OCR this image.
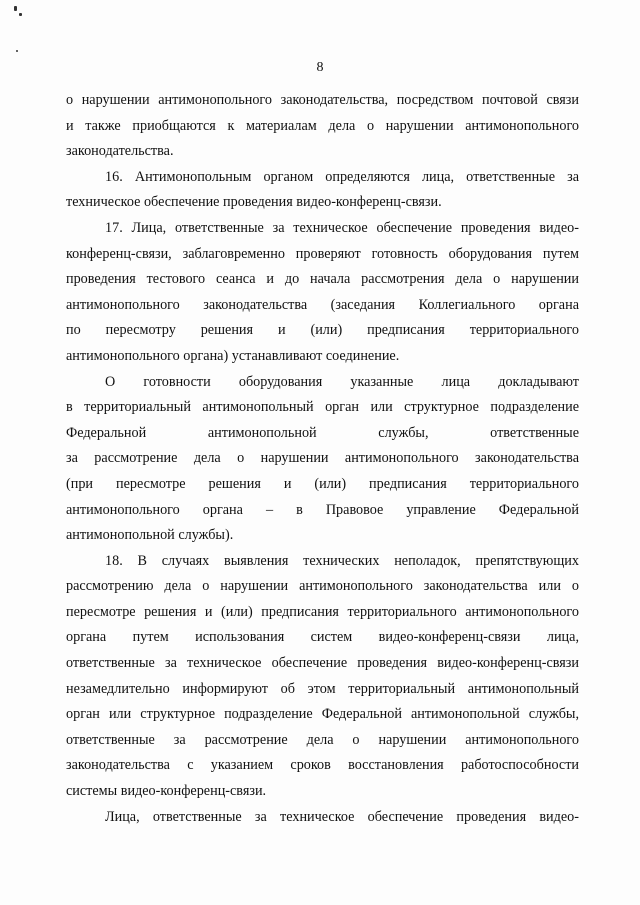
8
о нарушении антимонопольного законодательства, посредством почтовой связи
и также приобщаются к материалам дела о нарушении антимонопольного
законодательства.
16. Антимонопольным органом определяются лица, ответственные за
техническое обеспечение проведения видео-конференц-связи.
17. Лица, ответственные за техническое обеспечение проведения видео-
конференц-связи, заблаговременно проверяют готовность оборудования путем
проведения тестового сеанса и до начала рассмотрения дела о нарушении
антимонопольного законодательства (заседания Коллегиального органа
по пересмотру решения и (или) предписания территориального
антимонопольного органа) устанавливают соединение.
О готовности оборудования указанные лица докладывают
в территориальный антимонопольный орган или структурное подразделение
Федеральной антимонопольной службы, ответственные
за рассмотрение дела о нарушении антимонопольного законодательства
(при пересмотре решения и (или) предписания территориального
антимонопольного органа – в Правовое управление Федеральной
антимонопольной службы).
18. В случаях выявления технических неполадок, препятствующих
рассмотрению дела о нарушении антимонопольного законодательства или о
пересмотре решения и (или) предписания территориального антимонопольного
органа путем использования систем видео-конференц-связи лица,
ответственные за техническое обеспечение проведения видео-конференц-связи
незамедлительно информируют об этом территориальный антимонопольный
орган или структурное подразделение Федеральной антимонопольной службы,
ответственные за рассмотрение дела о нарушении антимонопольного
законодательства с указанием сроков восстановления работоспособности
системы видео-конференц-связи.
Лица, ответственные за техническое обеспечение проведения видео-
